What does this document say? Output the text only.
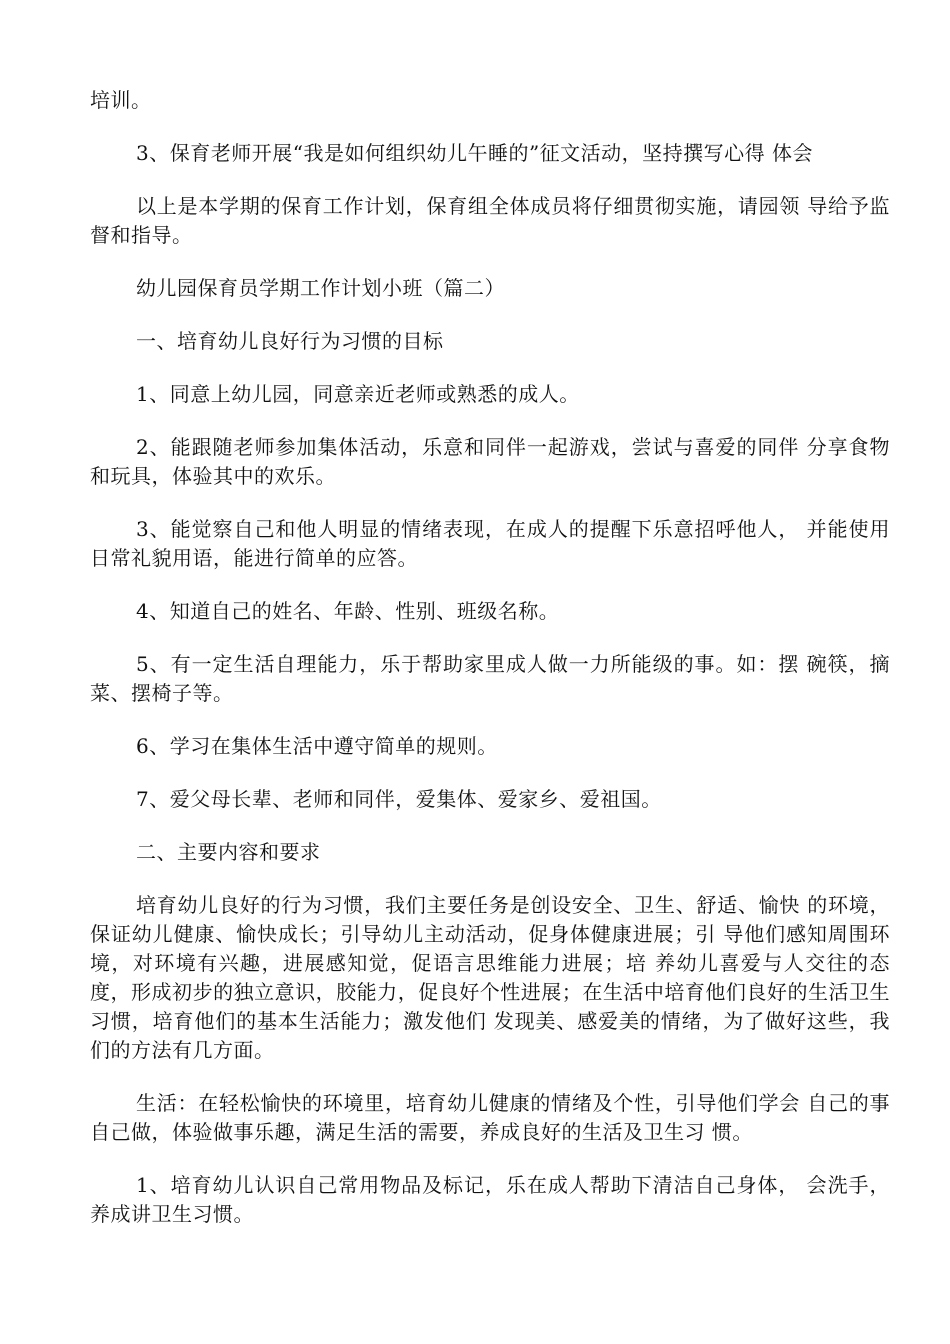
培训。

3、保育老师开展“我是如何组织幼儿午睡的”征文活动，坚持撰写心得 体会

以上是本学期的保育工作计划，保育组全体成员将仔细贯彻实施，请园领 导给予监督和指导。

幼儿园保育员学期工作计划小班（篇二）

一、培育幼儿良好行为习惯的目标

1、同意上幼儿园，同意亲近老师或熟悉的成人。

2、能跟随老师参加集体活动，乐意和同伴一起游戏，尝试与喜爱的同伴 分享食物和玩具，体验其中的欢乐。

3、能觉察自己和他人明显的情绪表现，在成人的提醒下乐意招呼他人， 并能使用日常礼貌用语，能进行简单的应答。

4、知道自己的姓名、年龄、性别、班级名称。

5、有一定生活自理能力，乐于帮助家里成人做一力所能级的事。如：摆 碗筷，摘菜、摆椅子等。

6、学习在集体生活中遵守简单的规则。

7、爱父母长辈、老师和同伴，爱集体、爱家乡、爱祖国。

二、主要内容和要求

培育幼儿良好的行为习惯，我们主要任务是创设安全、卫生、舒适、愉快 的环境，保证幼儿健康、愉快成长；引导幼儿主动活动，促身体健康进展；引 导他们感知周围环境，对环境有兴趣，进展感知觉，促语言思维能力进展；培 养幼儿喜爱与人交往的态度，形成初步的独立意识，胶能力，促良好个性进展；在生活中培育他们良好的生活卫生习惯，培育他们的基本生活能力；激发他们 发现美、感爱美的情绪，为了做好这些，我们的方法有几方面。

生活：在轻松愉快的环境里，培育幼儿健康的情绪及个性，引导他们学会 自己的事自己做，体验做事乐趣，满足生活的需要，养成良好的生活及卫生习 惯。

1、培育幼儿认识自己常用物品及标记，乐在成人帮助下清洁自己身体， 会洗手，养成讲卫生习惯。
